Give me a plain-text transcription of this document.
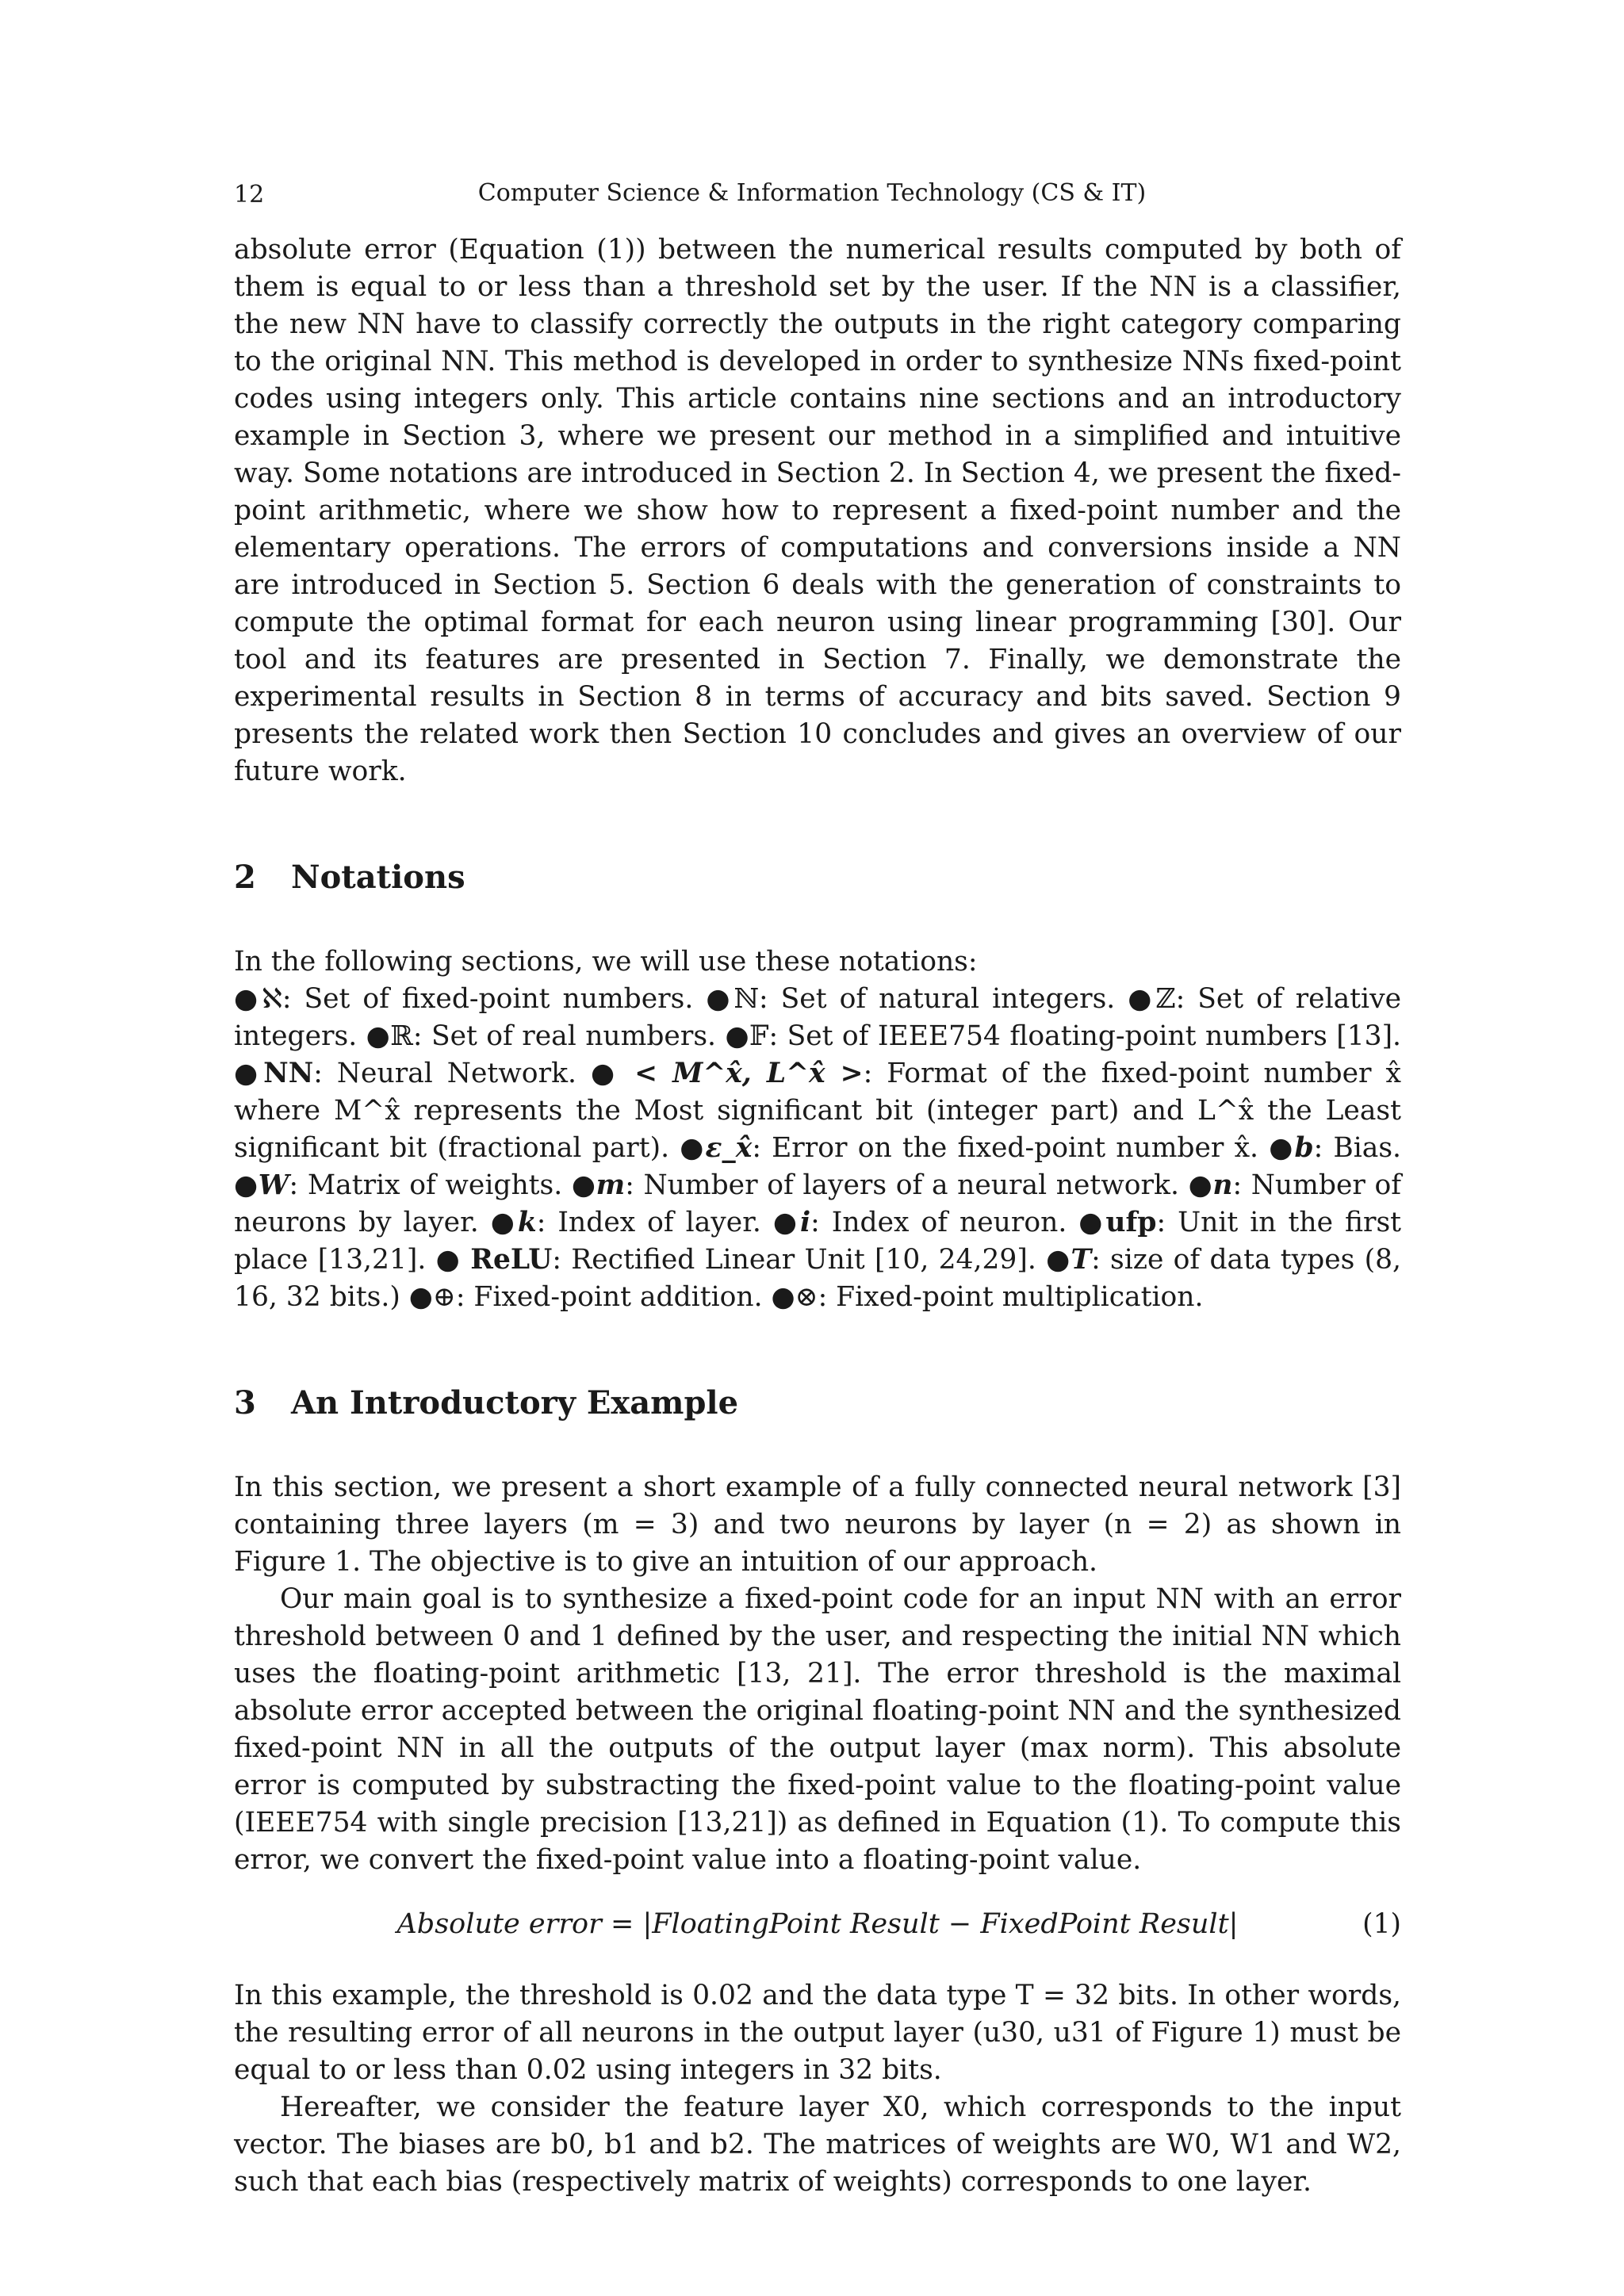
12	Computer Science & Information Technology (CS & IT)

absolute error (Equation (1)) between the numerical results computed by both of them is equal to or less than a threshold set by the user. If the NN is a classifier, the new NN have to classify correctly the outputs in the right category comparing to the original NN. This method is developed in order to synthesize NNs fixed-point codes using integers only. This article contains nine sections and an introductory example in Section 3, where we present our method in a simplified and intuitive way. Some notations are introduced in Section 2. In Section 4, we present the fixed-point arithmetic, where we show how to represent a fixed-point number and the elementary operations. The errors of computations and conversions inside a NN are introduced in Section 5. Section 6 deals with the generation of constraints to compute the optimal format for each neuron using linear programming [30]. Our tool and its features are presented in Section 7. Finally, we demonstrate the experimental results in Section 8 in terms of accuracy and bits saved. Section 9 presents the related work then Section 10 concludes and gives an overview of our future work.

2 Notations

In the following sections, we will use these notations:
●ℵ: Set of fixed-point numbers. ●ℕ: Set of natural integers. ●ℤ: Set of relative integers. ●ℝ: Set of real numbers. ●𝔽: Set of IEEE754 floating-point numbers [13]. ●NN: Neural Network. ● < M^x̂, L^x̂ >: Format of the fixed-point number x̂ where M^x̂ represents the Most significant bit (integer part) and L^x̂ the Least significant bit (fractional part). ●ε_x̂: Error on the fixed-point number x̂. ●b: Bias. ●W: Matrix of weights. ●m: Number of layers of a neural network. ●n: Number of neurons by layer. ●k: Index of layer. ●i: Index of neuron. ●ufp: Unit in the first place [13,21]. ● ReLU: Rectified Linear Unit [10, 24,29]. ●T: size of data types (8, 16, 32 bits.) ●⊕: Fixed-point addition. ●⊗: Fixed-point multiplication.

3 An Introductory Example

In this section, we present a short example of a fully connected neural network [3] containing three layers (m = 3) and two neurons by layer (n = 2) as shown in Figure 1. The objective is to give an intuition of our approach.

Our main goal is to synthesize a fixed-point code for an input NN with an error threshold between 0 and 1 defined by the user, and respecting the initial NN which uses the floating-point arithmetic [13, 21]. The error threshold is the maximal absolute error accepted between the original floating-point NN and the synthesized fixed-point NN in all the outputs of the output layer (max norm). This absolute error is computed by substracting the fixed-point value to the floating-point value (IEEE754 with single precision [13,21]) as defined in Equation (1). To compute this error, we convert the fixed-point value into a floating-point value.

Absolute error = |FloatingPoint Result − FixedPoint Result|	(1)

In this example, the threshold is 0.02 and the data type T = 32 bits. In other words, the resulting error of all neurons in the output layer (u30, u31 of Figure 1) must be equal to or less than 0.02 using integers in 32 bits.

Hereafter, we consider the feature layer X0, which corresponds to the input vector. The biases are b0, b1 and b2. The matrices of weights are W0, W1 and W2, such that each bias (respectively matrix of weights) corresponds to one layer.
